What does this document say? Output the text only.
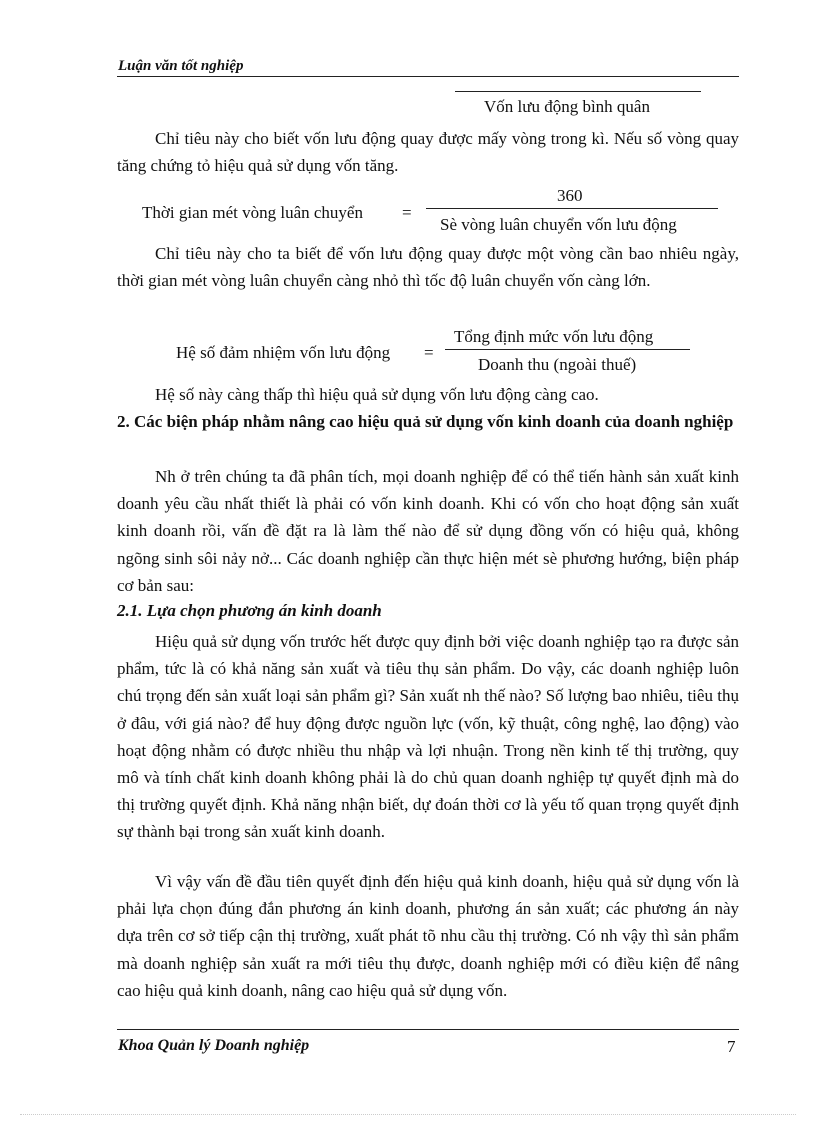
Luận văn tốt nghiệp
Vốn lưu động bình quân
Chỉ tiêu này cho biết vốn lưu động quay được mấy vòng trong kì. Nếu số vòng quay tăng chứng tỏ hiệu quả sử dụng vốn tăng.
Thời gian mét vòng luân chuyển =
360
Sè vòng luân chuyển vốn lưu động
Chỉ tiêu này cho ta biết để vốn lưu động quay được một vòng cần bao nhiêu ngày, thời gian mét vòng luân chuyển càng nhỏ thì tốc độ luân chuyển vốn càng lớn.
Hệ số đảm nhiệm vốn lưu động =
Tổng định mức vốn lưu động
Doanh thu (ngoài thuế)
Hệ số này càng thấp thì hiệu quả sử dụng vốn lưu động càng cao.
2. Các biện pháp nhằm nâng cao hiệu quả sử dụng vốn kinh doanh của doanh nghiệp
Nh ở trên chúng ta đã phân tích, mọi doanh nghiệp để có thể tiến hành sản xuất kinh doanh yêu cầu nhất thiết là phải có vốn kinh doanh. Khi có vốn cho hoạt động sản xuất kinh doanh rồi, vấn đề đặt ra là làm thế nào để sử dụng đồng vốn có hiệu quả, không ngõng sinh sôi nảy nở... Các doanh nghiệp cần thực hiện mét sè phương hướng, biện pháp cơ bản sau:
2.1. Lựa chọn phương án kinh doanh
Hiệu quả sử dụng vốn trước hết được quy định bởi việc doanh nghiệp tạo ra được sản phẩm, tức là có khả năng sản xuất và tiêu thụ sản phẩm. Do vậy, các doanh nghiệp luôn chú trọng đến sản xuất loại sản phẩm gì? Sản xuất nh thế nào? Số lượng bao nhiêu, tiêu thụ ở đâu, với giá nào? để huy động được nguồn lực (vốn, kỹ thuật, công nghệ, lao động) vào hoạt động nhằm có được nhiều thu nhập và lợi nhuận. Trong nền kinh tế thị trường, quy mô và tính chất kinh doanh không phải là do chủ quan doanh nghiệp tự quyết định mà do thị trường quyết định. Khả năng nhận biết, dự đoán thời cơ là yếu tố quan trọng quyết định sự thành bại trong sản xuất kinh doanh.
Vì vậy vấn đề đầu tiên quyết định đến hiệu quả kinh doanh, hiệu quả sử dụng vốn là phải lựa chọn đúng đắn phương án kinh doanh, phương án sản xuất; các phương án này dựa trên cơ sở tiếp cận thị trường, xuất phát tõ nhu cầu thị trường. Có nh vậy thì sản phẩm mà doanh nghiệp sản xuất ra mới tiêu thụ được, doanh nghiệp mới có điều kiện để nâng cao hiệu quả kinh doanh, nâng cao hiệu quả sử dụng vốn.
Khoa Quản lý Doanh nghiệp	7
